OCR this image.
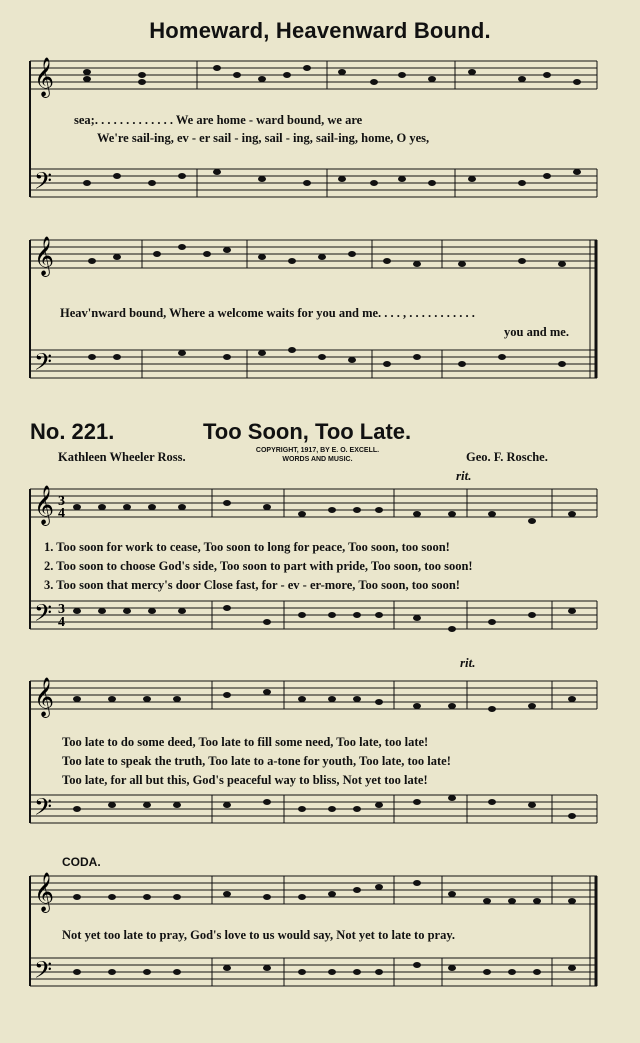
Homeward, Heavenward Bound.
𝄞
𝄢
sea;. . . . . . . . . . . . . We are home - ward bound, we are
We're sail-ing, ev - er sail - ing, sail - ing, sail-ing, home, O yes,
𝄞
𝄢
Heav'nward bound, Where a welcome waits for you and me. . . . , . . . . . . . . . . .
you and me.
No. 221.	Too Soon, Too Late.
Kathleen Wheeler Ross.	COPYRIGHT, 1917, BY E. O. EXCELL.
WORDS AND MUSIC.	Geo. F. Rosche.
rit.
𝄞 3
4
𝄢 3
4
1. Too soon for work to cease, Too soon to long for peace, Too soon, too soon!
2. Too soon to choose God's side, Too soon to part with pride, Too soon, too soon!
3. Too soon that mercy's door Close fast, for - ev - er-more, Too soon, too soon!
rit.
𝄞
𝄢
Too late to do some deed, Too late to fill some need, Too late, too late!
Too late to speak the truth, Too late to a-tone for youth, Too late, too late!
Too late, for all but this, God's peaceful way to bliss, Not yet too late!
CODA.
𝄞
𝄢
Not yet too late to pray, God's love to us would say, Not yet to late to pray.
